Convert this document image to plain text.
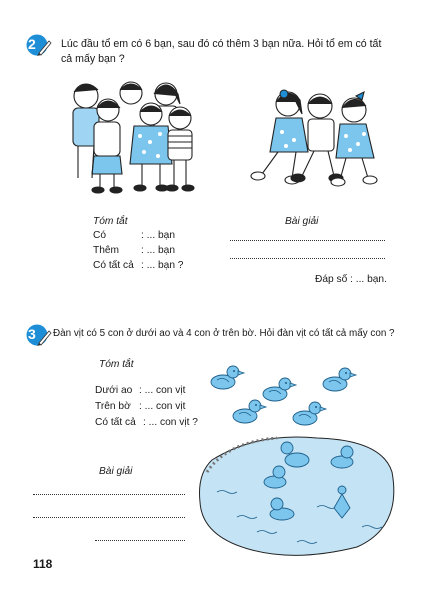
2 Lúc đầu tổ em có 6 bạn, sau đó có thêm 3 bạn nữa. Hỏi tổ em có tất
cả mấy bạn ?
Tóm tắt
Có	: ... bạn
Thêm : ... bạn
Có tất cả : ... bạn ?
Bài giải
Đáp số : ... bạn.
3 Đàn vịt có 5 con ở dưới ao và 4 con ở trên bờ. Hỏi đàn vịt có tất cả mấy con ?
Tóm tắt
Dưới ao : ... con vịt
Trên bờ : ... con vịt
Có tất cả : ... con vịt ?
Bài giải
118
